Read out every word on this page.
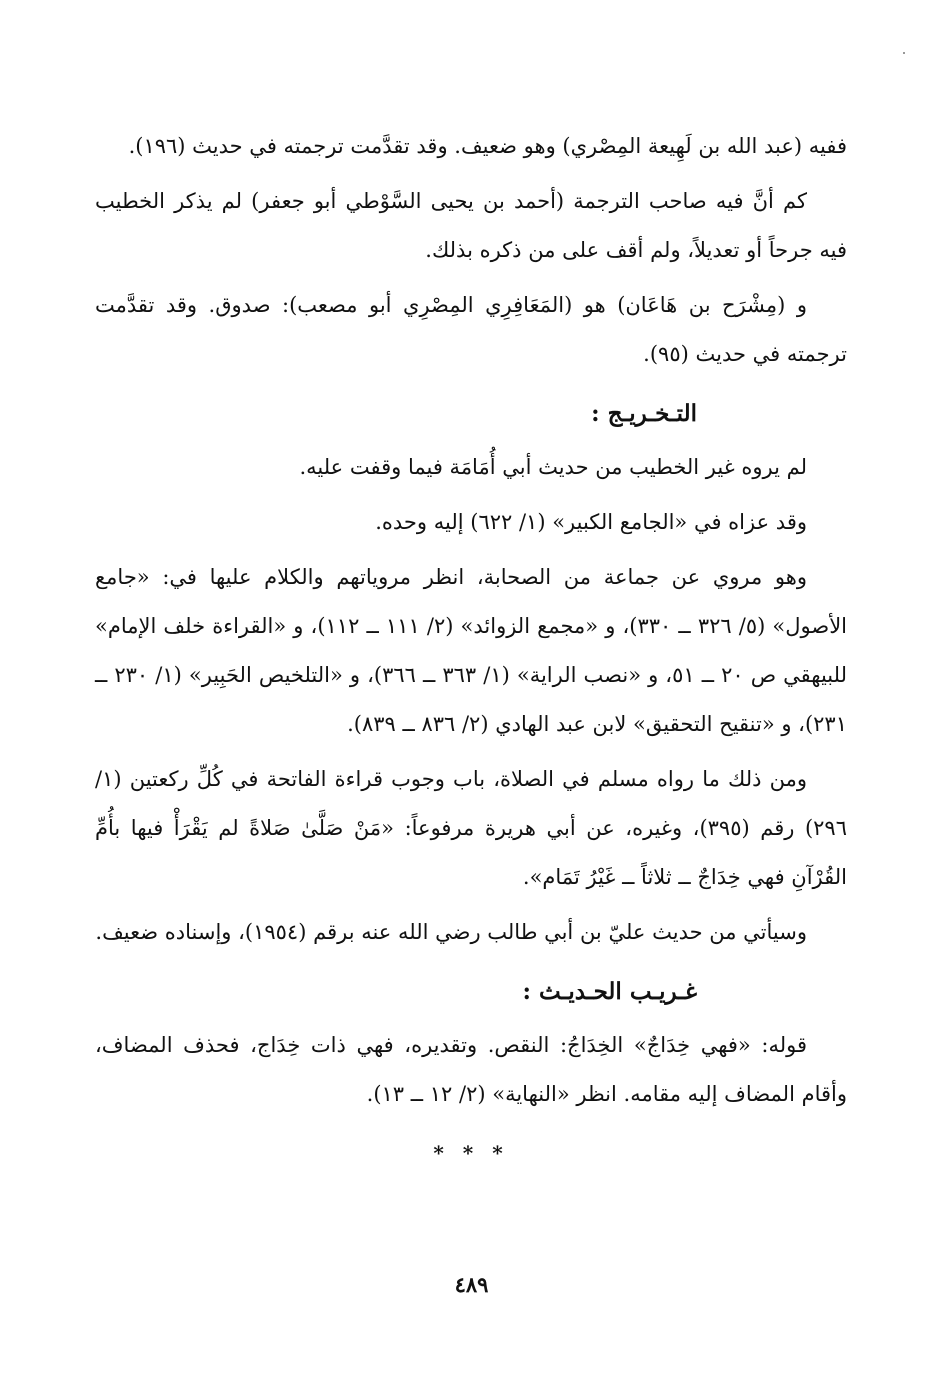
ففيه (عبد الله بن لَهِيعة المِصْري) وهو ضعيف. وقد تقدَّمت ترجمته في حديث (١٩٦).

كم أنَّ فيه صاحب الترجمة (أحمد بن يحيى السَّوْطي أبو جعفر) لم يذكر الخطيب فيه جرحاً أو تعديلاً، ولم أقف على من ذكره بذلك.

و (مِشْرَح بن هَاعَان) هو (المَعَافِرِي المِصْرِي أبو مصعب): صدوق. وقد تقدَّمت ترجمته في حديث (٩٥).

التـخـريـج :

لم يروه غير الخطيب من حديث أبي أُمَامَة فيما وقفت عليه.

وقد عزاه في «الجامع الكبير» (١/ ٦٢٢) إليه وحده.

وهو مروي عن جماعة من الصحابة، انظر مروياتهم والكلام عليها في: «جامع الأصول» (٥/ ٣٢٦ ــ ٣٣٠)، و «مجمع الزوائد» (٢/ ١١١ ــ ١١٢)، و «القراءة خلف الإمام» للبيهقي ص ٢٠ ــ ٥١، و «نصب الراية» (١/ ٣٦٣ ــ ٣٦٦)، و «التلخيص الحَبِير» (١/ ٢٣٠ ــ ٢٣١)، و «تنقيح التحقيق» لابن عبد الهادي (٢/ ٨٣٦ ــ ٨٣٩).

ومن ذلك ما رواه مسلم في الصلاة، باب وجوب قراءة الفاتحة في كُلِّ ركعتين (١/ ٢٩٦) رقم (٣٩٥)، وغيره، عن أبي هريرة مرفوعاً: «مَنْ صَلَّىٰ صَلاةً لم يَقْرَأْ فيها بأُمِّ القُرْآنِ فهي خِدَاجٌ ــ ثلاثاً ــ غَيْرُ تَمَام».

وسيأتي من حديث عليّ بن أبي طالب رضي الله عنه برقم (١٩٥٤)، وإسناده ضعيف.

غـريـب الحـديـث :

قوله: «فهي خِدَاجٌ» الخِدَاجُ: النقص. وتقديره، فهي ذات خِدَاج، فحذف المضاف، وأقام المضاف إليه مقامه. انظر «النهاية» (٢/ ١٢ ــ ١٣).

* * *
٤٨٩
